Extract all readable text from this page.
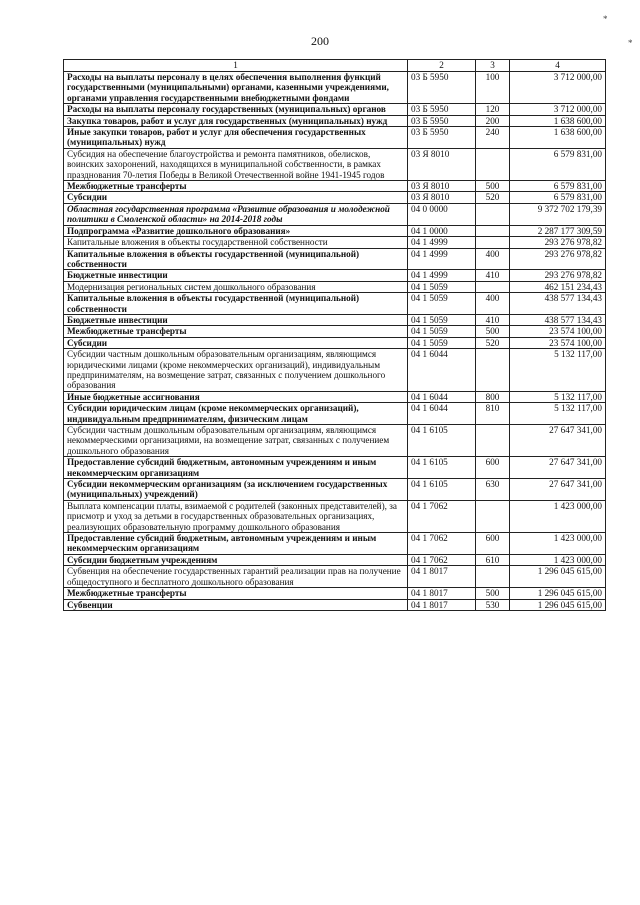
200
*
*
1	2	3	4
Расходы на выплаты персоналу в целях обеспечения выполнения функций государственными (муниципальными) органами, казенными учреждениями, органами управления государственными внебюджетными фондами	03 Б 5950	100	3 712 000,00
Расходы на выплаты персоналу государственных (муниципальных) органов	03 Б 5950	120	3 712 000,00
Закупка товаров, работ и услуг для государственных (муниципальных) нужд	03 Б 5950	200	1 638 600,00
Иные закупки товаров, работ и услуг для обеспечения государственных (муниципальных) нужд	03 Б 5950	240	1 638 600,00
Субсидия на обеспечение благоустройства и ремонта памятников, обелисков, воинских захоронений, находящихся в муниципальной собственности, в рамках празднования 70-летия Победы в Великой Отечественной войне 1941-1945 годов	03 Я 8010		6 579 831,00
Межбюджетные трансферты	03 Я 8010	500	6 579 831,00
Субсидии	03 Я 8010	520	6 579 831,00
Областная государственная программа «Развитие образования и молодежной политики в Смоленской области» на 2014-2018 годы	04 0 0000		9 372 702 179,39
Подпрограмма «Развитие дошкольного образования»	04 1 0000		2 287 177 309,59
Капитальные вложения в объекты государственной собственности	04 1 4999		293 276 978,82
Капитальные вложения в объекты государственной (муниципальной) собственности	04 1 4999	400	293 276 978,82
Бюджетные инвестиции	04 1 4999	410	293 276 978,82
Модернизация региональных систем дошкольного образования	04 1 5059		462 151 234,43
Капитальные вложения в объекты государственной (муниципальной) собственности	04 1 5059	400	438 577 134,43
Бюджетные инвестиции	04 1 5059	410	438 577 134,43
Межбюджетные трансферты	04 1 5059	500	23 574 100,00
Субсидии	04 1 5059	520	23 574 100,00
Субсидии частным дошкольным образовательным организациям, являющимся юридическими лицами (кроме некоммерческих организаций), индивидуальным предпринимателям, на возмещение затрат, связанных с получением дошкольного образования	04 1 6044		5 132 117,00
Иные бюджетные ассигнования	04 1 6044	800	5 132 117,00
Субсидии юридическим лицам (кроме некоммерческих организаций), индивидуальным предпринимателям, физическим лицам	04 1 6044	810	5 132 117,00
Субсидии частным дошкольным образовательным организациям, являющимся некоммерческими организациями, на возмещение затрат, связанных с получением дошкольного образования	04 1 6105		27 647 341,00
Предоставление субсидий бюджетным, автономным учреждениям и иным некоммерческим организациям	04 1 6105	600	27 647 341,00
Субсидии некоммерческим организациям (за исключением государственных (муниципальных) учреждений)	04 1 6105	630	27 647 341,00
Выплата компенсации платы, взимаемой с родителей (законных представителей), за присмотр и уход за детьми в государственных образовательных организациях, реализующих образовательную программу дошкольного образования	04 1 7062		1 423 000,00
Предоставление субсидий бюджетным, автономным учреждениям и иным некоммерческим организациям	04 1 7062	600	1 423 000,00
Субсидии бюджетным учреждениям	04 1 7062	610	1 423 000,00
Субвенция на обеспечение государственных гарантий реализации прав на получение общедоступного и бесплатного дошкольного образования	04 1 8017		1 296 045 615,00
Межбюджетные трансферты	04 1 8017	500	1 296 045 615,00
Субвенции	04 1 8017	530	1 296 045 615,00
